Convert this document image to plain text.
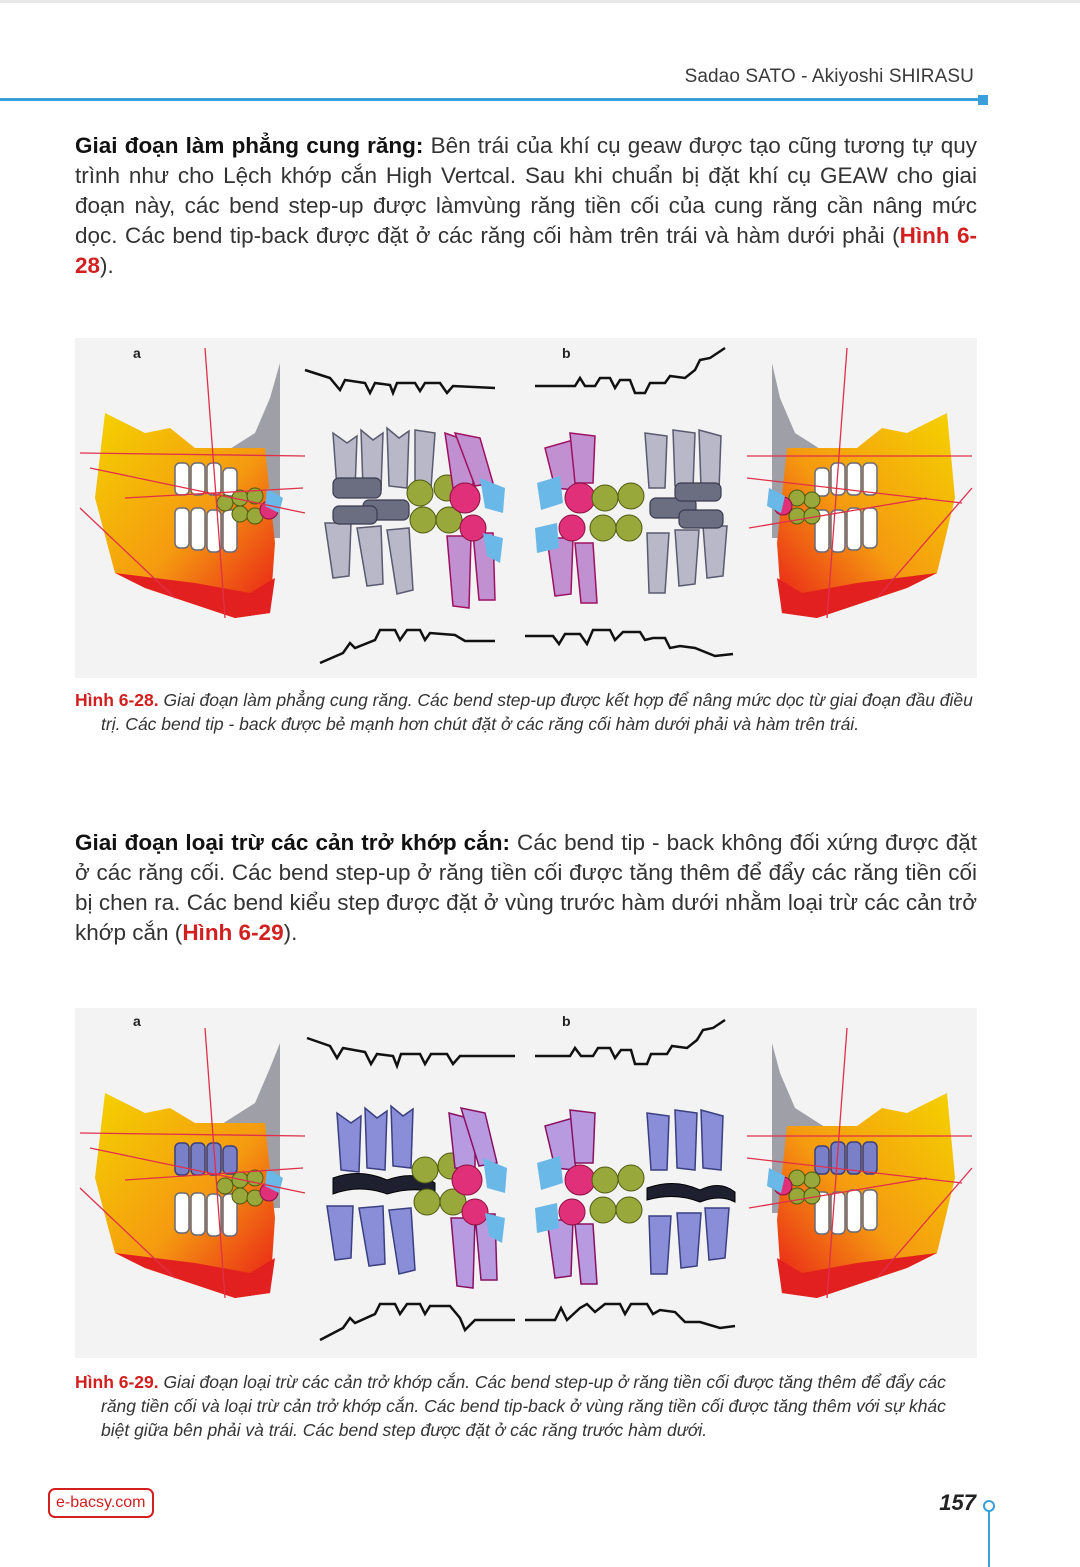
Sadao SATO - Akiyoshi SHIRASU
Giai đoạn làm phẳng cung răng: Bên trái của khí cụ geaw được tạo cũng tương tự quy trình như cho Lệch khớp cắn High Vertcal. Sau khi chuẩn bị đặt khí cụ GEAW cho giai đoạn này, các bend step-up được làmvùng răng tiền cối của cung răng cần nâng mức dọc. Các bend tip-back được đặt ở các răng cối hàm trên trái và hàm dưới phải (Hình 6-28).
a	b
Hình 6-28. Giai đoạn làm phẳng cung răng. Các bend step-up được kết hợp để nâng mức dọc từ giai đoạn đầu điều trị. Các bend tip - back được bẻ mạnh hơn chút đặt ở các răng cối hàm dưới phải và hàm trên trái.
Giai đoạn loại trừ các cản trở khớp cắn: Các bend tip - back không đối xứng được đặt ở các răng cối. Các bend step-up ở răng tiền cối được tăng thêm để đẩy các răng tiền cối bị chen ra. Các bend kiểu step được đặt ở vùng trước hàm dưới nhằm loại trừ các cản trở khớp cắn (Hình 6-29).
a	b
Hình 6-29. Giai đoạn loại trừ các cản trở khớp cắn. Các bend step-up ở răng tiền cối được tăng thêm để đẩy các răng tiền cối và loại trừ cản trở khớp cắn. Các bend tip-back ở vùng răng tiền cối được tăng thêm với sự khác biệt giữa bên phải và trái. Các bend step được đặt ở các răng trước hàm dưới.
e-bacsy.com	157
